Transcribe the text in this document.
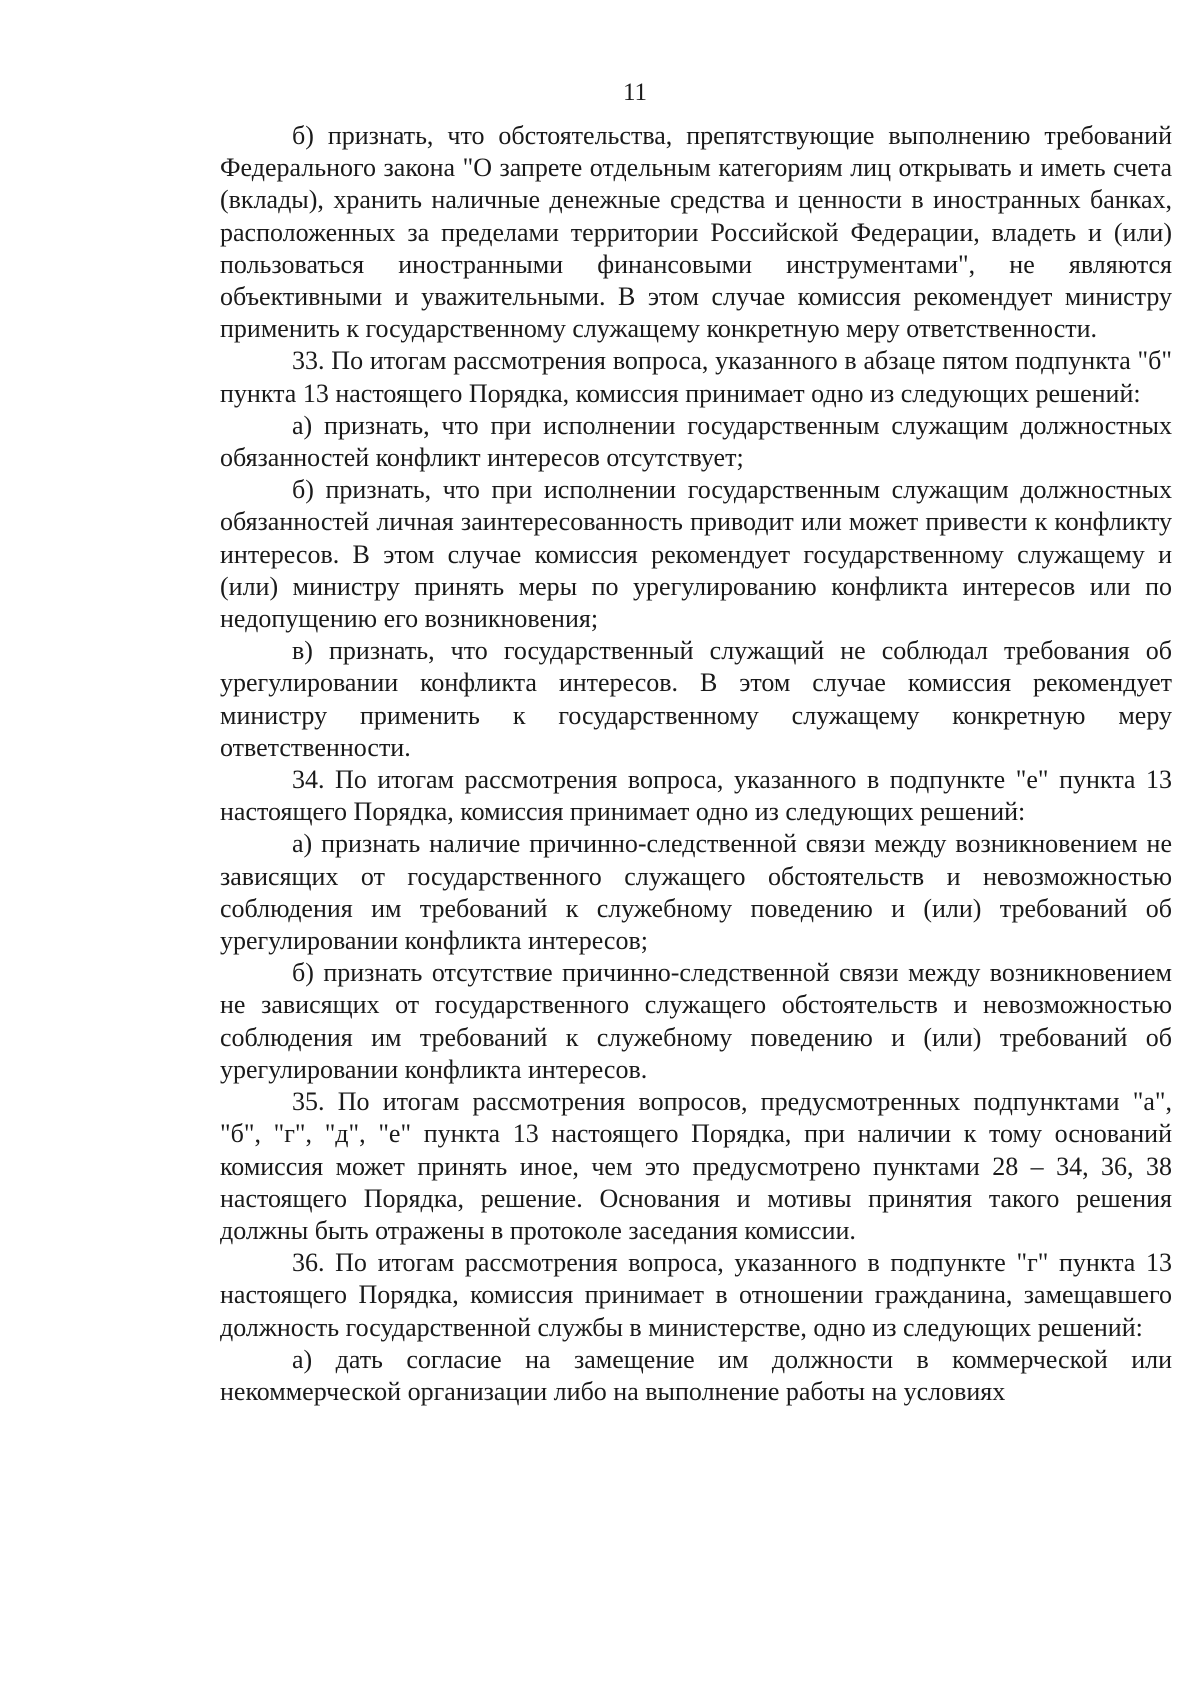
11

б) признать, что обстоятельства, препятствующие выполнению требований Федерального закона "О запрете отдельным категориям лиц открывать и иметь счета (вклады), хранить наличные денежные средства и ценности в иностранных банках, расположенных за пределами территории Российской Федерации, владеть и (или) пользоваться иностранными финансовыми инструментами", не являются объективными и уважительными. В этом случае комиссия рекомендует министру применить к государственному служащему конкретную меру ответственности.

33. По итогам рассмотрения вопроса, указанного в абзаце пятом подпункта "б" пункта 13 настоящего Порядка, комиссия принимает одно из следующих решений:

а) признать, что при исполнении государственным служащим должностных обязанностей конфликт интересов отсутствует;

б) признать, что при исполнении государственным служащим должностных обязанностей личная заинтересованность приводит или может привести к конфликту интересов. В этом случае комиссия рекомендует государственному служащему и (или) министру принять меры по урегулированию конфликта интересов или по недопущению его возникновения;

в) признать, что государственный служащий не соблюдал требования об урегулировании конфликта интересов. В этом случае комиссия рекомендует министру применить к государственному служащему конкретную меру ответственности.

34. По итогам рассмотрения вопроса, указанного в подпункте "е" пункта 13 настоящего Порядка, комиссия принимает одно из следующих решений:

а) признать наличие причинно-следственной связи между возникновением не зависящих от государственного служащего обстоятельств и невозможностью соблюдения им требований к служебному поведению и (или) требований об урегулировании конфликта интересов;

б) признать отсутствие причинно-следственной связи между возникновением не зависящих от государственного служащего обстоятельств и невозможностью соблюдения им требований к служебному поведению и (или) требований об урегулировании конфликта интересов.

35. По итогам рассмотрения вопросов, предусмотренных подпунктами "а", "б", "г", "д", "е" пункта 13 настоящего Порядка, при наличии к тому оснований комиссия может принять иное, чем это предусмотрено пунктами 28 – 34, 36, 38 настоящего Порядка, решение. Основания и мотивы принятия такого решения должны быть отражены в протоколе заседания комиссии.

36. По итогам рассмотрения вопроса, указанного в подпункте "г" пункта 13 настоящего Порядка, комиссия принимает в отношении гражданина, замещавшего должность государственной службы в министерстве, одно из следующих решений:

а) дать согласие на замещение им должности в коммерческой или некоммерческой организации либо на выполнение работы на условиях
